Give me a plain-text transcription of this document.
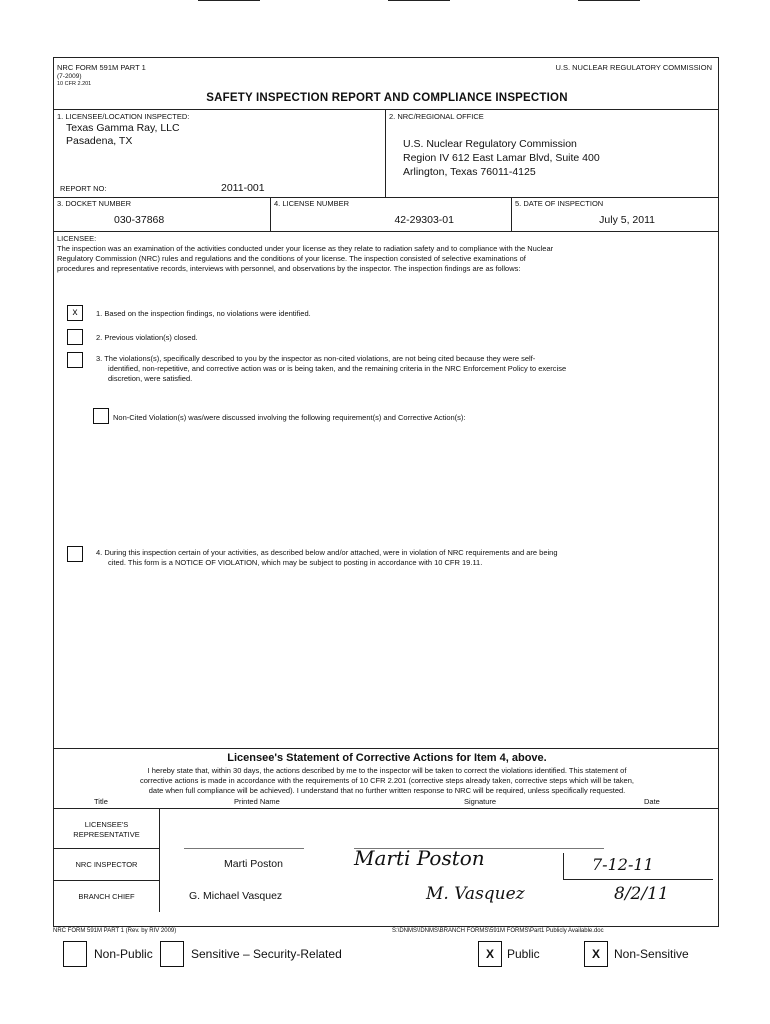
NRC FORM 591M PART 1
(7-2009)
10 CFR 2.201
U.S. NUCLEAR REGULATORY COMMISSION
SAFETY INSPECTION REPORT AND COMPLIANCE INSPECTION
1. LICENSEE/LOCATION INSPECTED:
Texas Gamma Ray, LLC
Pasadena, TX
REPORT NO:	2011-001
2. NRC/REGIONAL OFFICE
U.S. Nuclear Regulatory Commission
Region IV 612 East Lamar Blvd, Suite 400
Arlington, Texas 76011-4125
3. DOCKET NUMBER
030-37868
4. LICENSE NUMBER
42-29303-01
5. DATE OF INSPECTION
July 5, 2011
LICENSEE:
The inspection was an examination of the activities conducted under your license as they relate to radiation safety and to compliance with the Nuclear
Regulatory Commission (NRC) rules and regulations and the conditions of your license. The inspection consisted of selective examinations of
procedures and representative records, interviews with personnel, and observations by the inspector. The inspection findings are as follows:
x	1. Based on the inspection findings, no violations were identified.
2. Previous violation(s) closed.
3. The violations(s), specifically described to you by the inspector as non-cited violations, are not being cited because they were self-
identified, non-repetitive, and corrective action was or is being taken, and the remaining criteria in the NRC Enforcement Policy to exercise
discretion, were satisfied.
Non-Cited Violation(s) was/were discussed involving the following requirement(s) and Corrective Action(s):
4. During this inspection certain of your activities, as described below and/or attached, were in violation of NRC requirements and are being
cited. This form is a NOTICE OF VIOLATION, which may be subject to posting in accordance with 10 CFR 19.11.
Licensee's Statement of Corrective Actions for Item 4, above.
I hereby state that, within 30 days, the actions described by me to the inspector will be taken to correct the violations identified. This statement of
corrective actions is made in accordance with the requirements of 10 CFR 2.201 (corrective steps already taken, corrective steps which will be taken,
date when full compliance will be achieved). I understand that no further written response to NRC will be required, unless specifically requested.
Title	Printed Name	Signature	Date
LICENSEE'S REPRESENTATIVE
NRC INSPECTOR	Marti Poston	Marti Poston	7-12-11
BRANCH CHIEF	G. Michael Vasquez	M. Vasquez	8/2/11
NRC FORM 591M PART 1 (Rev. by RIV 2009)	S:\DNMS\!DNMS\BRANCH FORMS\591M FORMS\Part1 Publicly Available.doc
Non-Public	Sensitive – Security-Related	X	Public	X	Non-Sensitive
